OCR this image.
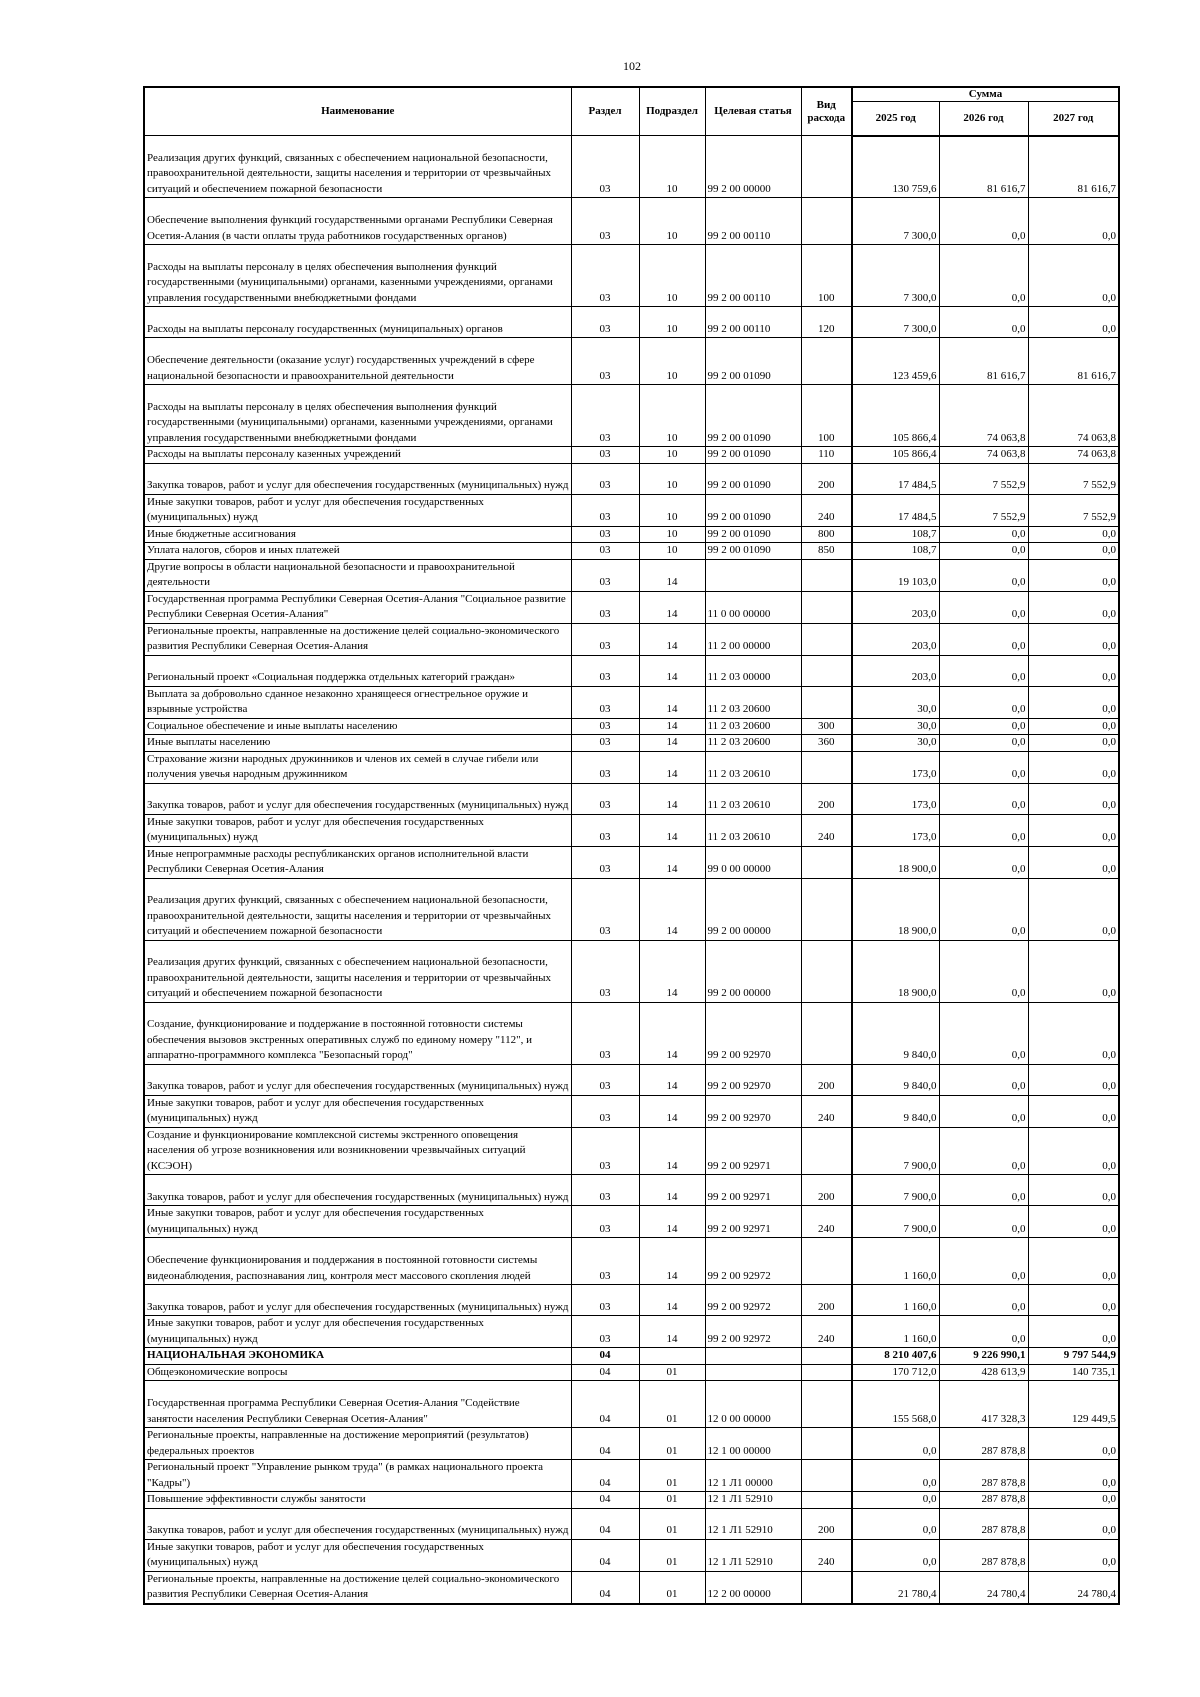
102
Наименование	Раздел	Подраздел	Целевая статья	Вид расхода	Сумма		
					2025 год	2026 год	2027 год
Реализация других функций, связанных с обеспечением национальной безопасности, правоохранительной деятельности, защиты населения и территории от чрезвычайных ситуаций и обеспечением пожарной безопасности	03	10	99 2 00 00000		130 759,6	81 616,7	81 616,7
Обеспечение выполнения функций государственными органами Республики Северная Осетия-Алания (в части оплаты труда работников государственных органов)	03	10	99 2 00 00110		7 300,0	0,0	0,0
Расходы на выплаты персоналу в целях обеспечения выполнения функций государственными (муниципальными) органами, казенными учреждениями, органами управления государственными внебюджетными фондами	03	10	99 2 00 00110	100	7 300,0	0,0	0,0
Расходы на выплаты персоналу государственных (муниципальных) органов	03	10	99 2 00 00110	120	7 300,0	0,0	0,0
Обеспечение деятельности (оказание услуг) государственных учреждений в сфере национальной безопасности и правоохранительной деятельности	03	10	99 2 00 01090		123 459,6	81 616,7	81 616,7
Расходы на выплаты персоналу в целях обеспечения выполнения функций государственными (муниципальными) органами, казенными учреждениями, органами управления государственными внебюджетными фондами	03	10	99 2 00 01090	100	105 866,4	74 063,8	74 063,8
Расходы на выплаты персоналу казенных учреждений	03	10	99 2 00 01090	110	105 866,4	74 063,8	74 063,8
Закупка товаров, работ и услуг для обеспечения государственных (муниципальных) нужд	03	10	99 2 00 01090	200	17 484,5	7 552,9	7 552,9
Иные закупки товаров, работ и услуг для обеспечения государственных (муниципальных) нужд	03	10	99 2 00 01090	240	17 484,5	7 552,9	7 552,9
Иные бюджетные ассигнования	03	10	99 2 00 01090	800	108,7	0,0	0,0
Уплата налогов, сборов и иных платежей	03	10	99 2 00 01090	850	108,7	0,0	0,0
Другие вопросы в области национальной безопасности и правоохранительной деятельности	03	14			19 103,0	0,0	0,0
Государственная программа Республики Северная Осетия-Алания "Социальное развитие Республики Северная Осетия-Алания"	03	14	11 0 00 00000		203,0	0,0	0,0
Региональные проекты, направленные на достижение целей социально-экономического развития Республики Северная Осетия-Алания	03	14	11 2 00 00000		203,0	0,0	0,0
Региональный проект «Социальная поддержка отдельных категорий граждан»	03	14	11 2 03 00000		203,0	0,0	0,0
Выплата за добровольно сданное незаконно хранящееся огнестрельное оружие и взрывные устройства	03	14	11 2 03 20600		30,0	0,0	0,0
Социальное обеспечение и иные выплаты населению	03	14	11 2 03 20600	300	30,0	0,0	0,0
Иные выплаты населению	03	14	11 2 03 20600	360	30,0	0,0	0,0
Страхование жизни народных дружинников и членов их семей в случае гибели или получения увечья народным дружинником	03	14	11 2 03 20610		173,0	0,0	0,0
Закупка товаров, работ и услуг для обеспечения государственных (муниципальных) нужд	03	14	11 2 03 20610	200	173,0	0,0	0,0
Иные закупки товаров, работ и услуг для обеспечения государственных (муниципальных) нужд	03	14	11 2 03 20610	240	173,0	0,0	0,0
Иные непрограммные расходы республиканских органов исполнительной власти Республики Северная Осетия-Алания	03	14	99 0 00 00000		18 900,0	0,0	0,0
Реализация других функций, связанных с обеспечением национальной безопасности, правоохранительной деятельности, защиты населения и территории от чрезвычайных ситуаций и обеспечением пожарной безопасности	03	14	99 2 00 00000		18 900,0	0,0	0,0
Реализация других функций, связанных с обеспечением национальной безопасности, правоохранительной деятельности, защиты населения и территории от чрезвычайных ситуаций и обеспечением пожарной безопасности	03	14	99 2 00 00000		18 900,0	0,0	0,0
Создание, функционирование и поддержание в постоянной готовности системы обеспечения вызовов экстренных оперативных служб по единому номеру "112", и аппаратно-программного комплекса "Безопасный город"	03	14	99 2 00 92970		9 840,0	0,0	0,0
Закупка товаров, работ и услуг для обеспечения государственных (муниципальных) нужд	03	14	99 2 00 92970	200	9 840,0	0,0	0,0
Иные закупки товаров, работ и услуг для обеспечения государственных (муниципальных) нужд	03	14	99 2 00 92970	240	9 840,0	0,0	0,0
Создание и функционирование комплексной системы экстренного оповещения населения об угрозе возникновения или возникновении чрезвычайных ситуаций (КСЭОН)	03	14	99 2 00 92971		7 900,0	0,0	0,0
Закупка товаров, работ и услуг для обеспечения государственных (муниципальных) нужд	03	14	99 2 00 92971	200	7 900,0	0,0	0,0
Иные закупки товаров, работ и услуг для обеспечения государственных (муниципальных) нужд	03	14	99 2 00 92971	240	7 900,0	0,0	0,0
Обеспечение функционирования и поддержания в постоянной готовности системы видеонаблюдения, распознавания лиц, контроля мест массового скопления людей	03	14	99 2 00 92972		1 160,0	0,0	0,0
Закупка товаров, работ и услуг для обеспечения государственных (муниципальных) нужд	03	14	99 2 00 92972	200	1 160,0	0,0	0,0
Иные закупки товаров, работ и услуг для обеспечения государственных (муниципальных) нужд	03	14	99 2 00 92972	240	1 160,0	0,0	0,0
НАЦИОНАЛЬНАЯ ЭКОНОМИКА	04				8 210 407,6	9 226 990,1	9 797 544,9
Общеэкономические вопросы	04	01			170 712,0	428 613,9	140 735,1
Государственная программа Республики Северная Осетия-Алания "Содействие занятости населения Республики Северная Осетия-Алания"	04	01	12 0 00 00000		155 568,0	417 328,3	129 449,5
Региональные проекты, направленные на достижение мероприятий (результатов) федеральных проектов	04	01	12 1 00 00000		0,0	287 878,8	0,0
Региональный проект "Управление рынком труда" (в рамках национального проекта "Кадры")	04	01	12 1 Л1 00000		0,0	287 878,8	0,0
Повышение эффективности службы занятости	04	01	12 1 Л1 52910		0,0	287 878,8	0,0
Закупка товаров, работ и услуг для обеспечения государственных (муниципальных) нужд	04	01	12 1 Л1 52910	200	0,0	287 878,8	0,0
Иные закупки товаров, работ и услуг для обеспечения государственных (муниципальных) нужд	04	01	12 1 Л1 52910	240	0,0	287 878,8	0,0
Региональные проекты, направленные на достижение целей социально-экономического развития Республики Северная Осетия-Алания	04	01	12 2 00 00000		21 780,4	24 780,4	24 780,4
